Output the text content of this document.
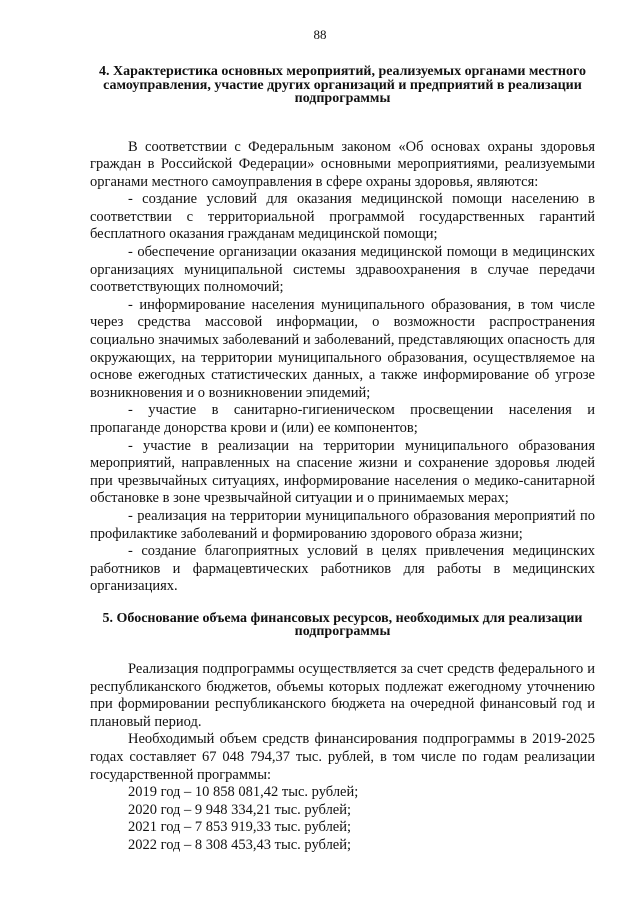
88
4. Характеристика основных мероприятий, реализуемых органами местного самоуправления, участие других организаций и предприятий в реализации подпрограммы

В соответствии с Федеральным законом «Об основах охраны здоровья граждан в Российской Федерации» основными мероприятиями, реализуемыми органами местного самоуправления в сфере охраны здоровья, являются:

- создание условий для оказания медицинской помощи населению в соответствии с территориальной программой государственных гарантий бесплатного оказания гражданам медицинской помощи;
- обеспечение организации оказания медицинской помощи в медицинских организациях муниципальной системы здравоохранения в случае передачи соответствующих полномочий;
- информирование населения муниципального образования, в том числе через средства массовой информации, о возможности распространения социально значимых заболеваний и заболеваний, представляющих опасность для окружающих, на территории муниципального образования, осуществляемое на основе ежегодных статистических данных, а также информирование об угрозе возникновения и о возникновении эпидемий;
- участие в санитарно-гигиеническом просвещении населения и пропаганде донорства крови и (или) ее компонентов;
- участие в реализации на территории муниципального образования мероприятий, направленных на спасение жизни и сохранение здоровья людей при чрезвычайных ситуациях, информирование населения о медико-санитарной обстановке в зоне чрезвычайной ситуации и о принимаемых мерах;
- реализация на территории муниципального образования мероприятий по профилактике заболеваний и формированию здорового образа жизни;
- создание благоприятных условий в целях привлечения медицинских работников и фармацевтических работников для работы в медицинских организациях.
5. Обоснование объема финансовых ресурсов, необходимых для реализации подпрограммы

Реализация подпрограммы осуществляется за счет средств федерального и республиканского бюджетов, объемы которых подлежат ежегодному уточнению при формировании республиканского бюджета на очередной финансовый год и плановый период.

Необходимый объем средств финансирования подпрограммы в 2019-2025 годах составляет 67 048 794,37 тыс. рублей, в том числе по годам реализации государственной программы:

2019 год – 10 858 081,42 тыс. рублей;
2020 год – 9 948 334,21 тыс. рублей;
2021 год – 7 853 919,33 тыс. рублей;
2022 год – 8 308 453,43 тыс. рублей;
